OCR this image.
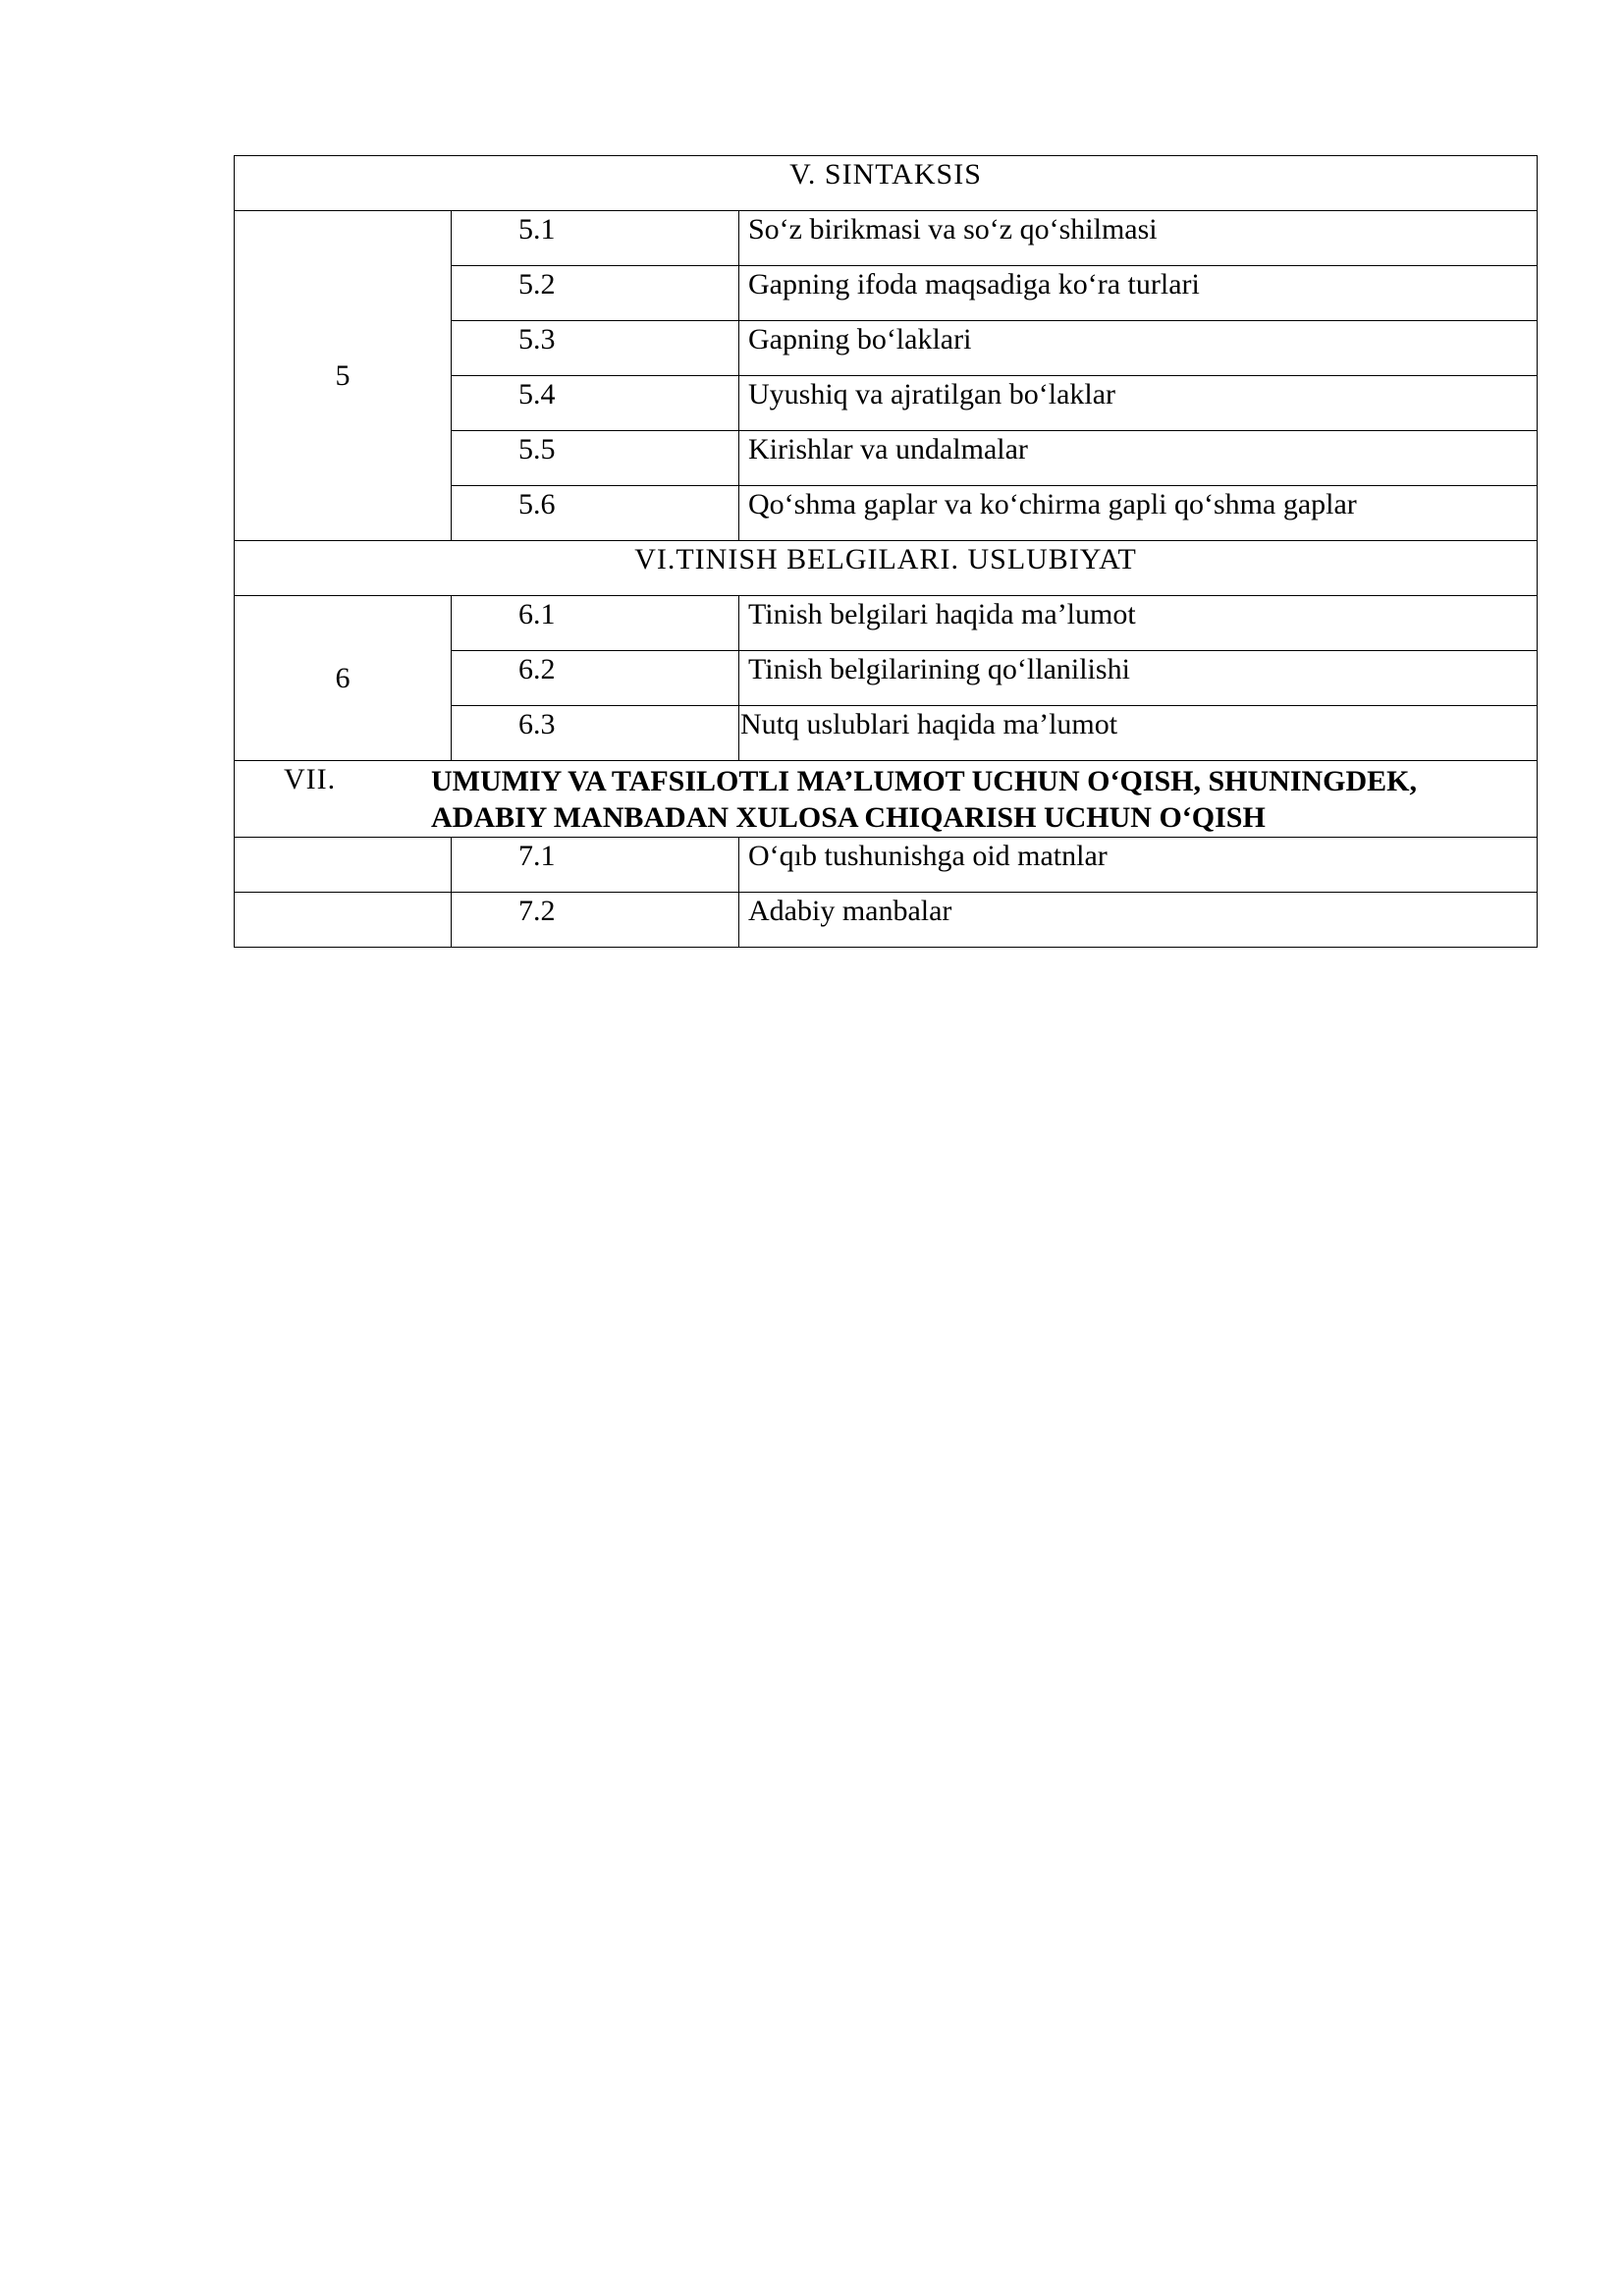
V. SINTAKSIS		
5	5.1	So‘z birikmasi va so‘z qo‘shilmasi
	5.2	Gapning ifoda maqsadiga ko‘ra turlari
	5.3	Gapning bo‘laklari
	5.4	Uyushiq va ajratilgan bo‘laklar
	5.5	Kirishlar va undalmalar
	5.6	Qo‘shma gaplar va ko‘chirma gapli qo‘shma gaplar
VI.TINISH BELGILARI. USLUBIYAT		
6	6.1	Tinish belgilari haqida ma’lumot
	6.2	Tinish belgilarining qo‘llanilishi
	6.3	Nutq uslublari haqida ma’lumot

VII. UMUMIY VA TAFSILOTLI MA’LUMOT UCHUN O‘QISH, SHUNINGDEK, ADABIY MANBADAN XULOSA CHIQARISH UCHUN O‘QISH		

	7.1	O‘qıb tushunishga oid matnlar
	7.2	Adabiy manbalar
